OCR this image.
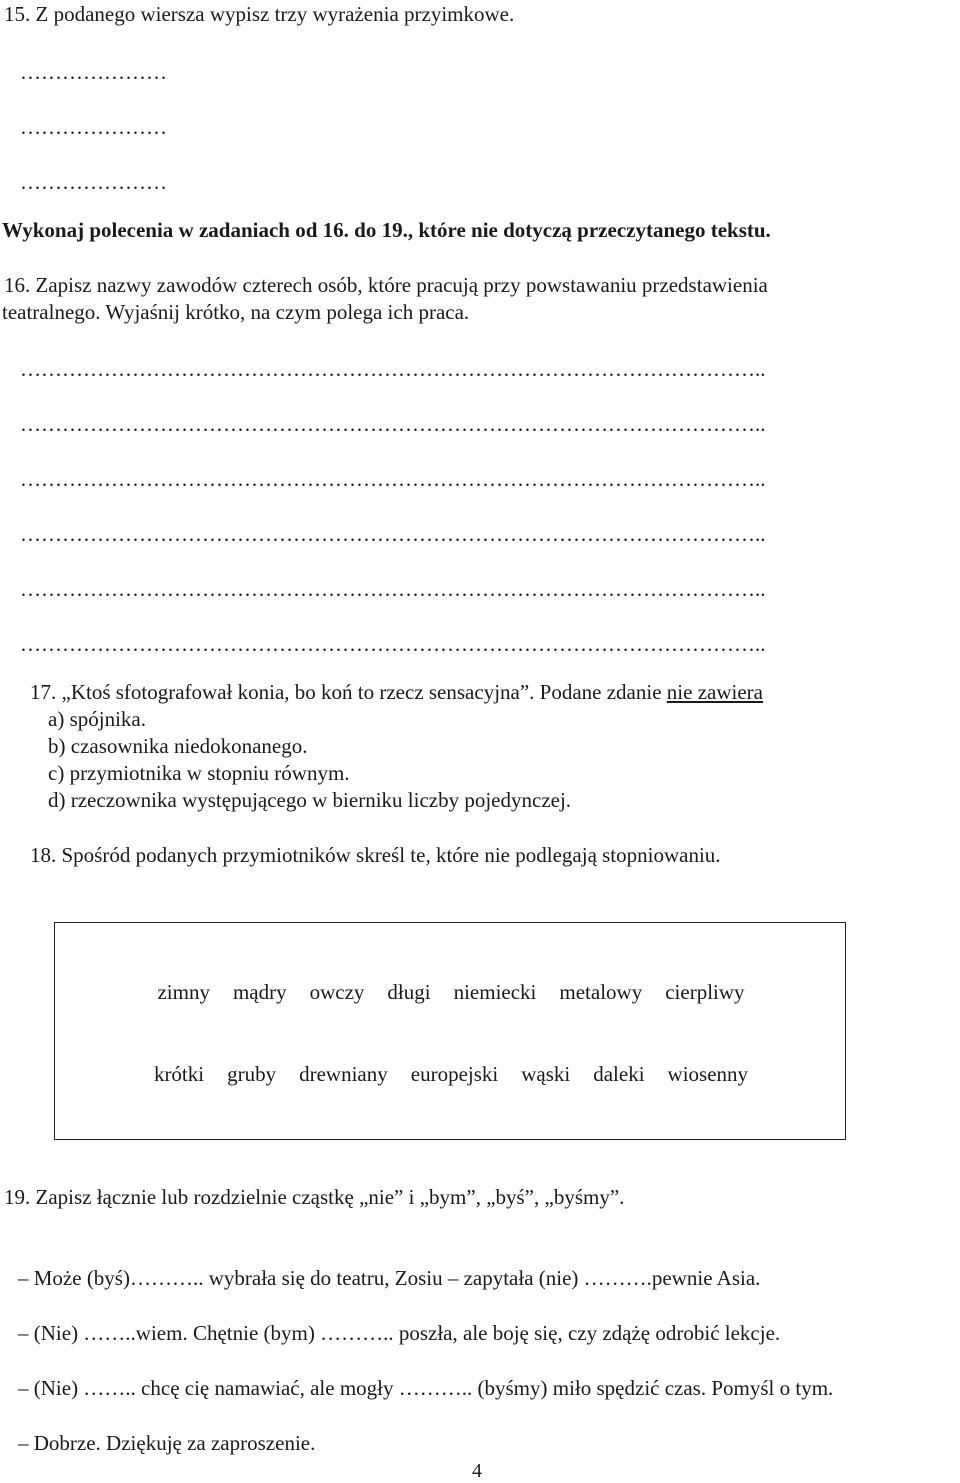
15. Z podanego wiersza wypisz trzy wyrażenia przyimkowe.
…………………
…………………
…………………
Wykonaj polecenia w zadaniach od 16. do 19., które nie dotyczą przeczytanego tekstu.
16. Zapisz nazwy zawodów czterech osób, które pracują przy powstawaniu przedstawienia
teatralnego. Wyjaśnij krótko, na czym polega ich praca.
……………………………………………………………………………………………..
……………………………………………………………………………………………..
……………………………………………………………………………………………..
……………………………………………………………………………………………..
……………………………………………………………………………………………..
……………………………………………………………………………………………..
17. „Ktoś sfotografował konia, bo koń to rzecz sensacyjna”. Podane zdanie nie zawiera
a) spójnika.
b) czasownika niedokonanego.
c) przymiotnika w stopniu równym.
d) rzeczownika występującego w bierniku liczby pojedynczej.
18. Spośród podanych przymiotników skreśl te, które nie podlegają stopniowaniu.
zimny mądry owczy długi niemiecki metalowy cierpliwy
krótki gruby drewniany europejski wąski daleki wiosenny
19. Zapisz łącznie lub rozdzielnie cząstkę „nie” i „bym”, „byś”, „byśmy”.
– Może (byś)……….. wybrała się do teatru, Zosiu – zapytała (nie) ……….pewnie Asia.
– (Nie) ……..wiem. Chętnie (bym) ……….. poszła, ale boję się, czy zdążę odrobić lekcje.
– (Nie) …….. chcę cię namawiać, ale mogły ……….. (byśmy) miło spędzić czas. Pomyśl o tym.
– Dobrze. Dziękuję za zaproszenie.
4
